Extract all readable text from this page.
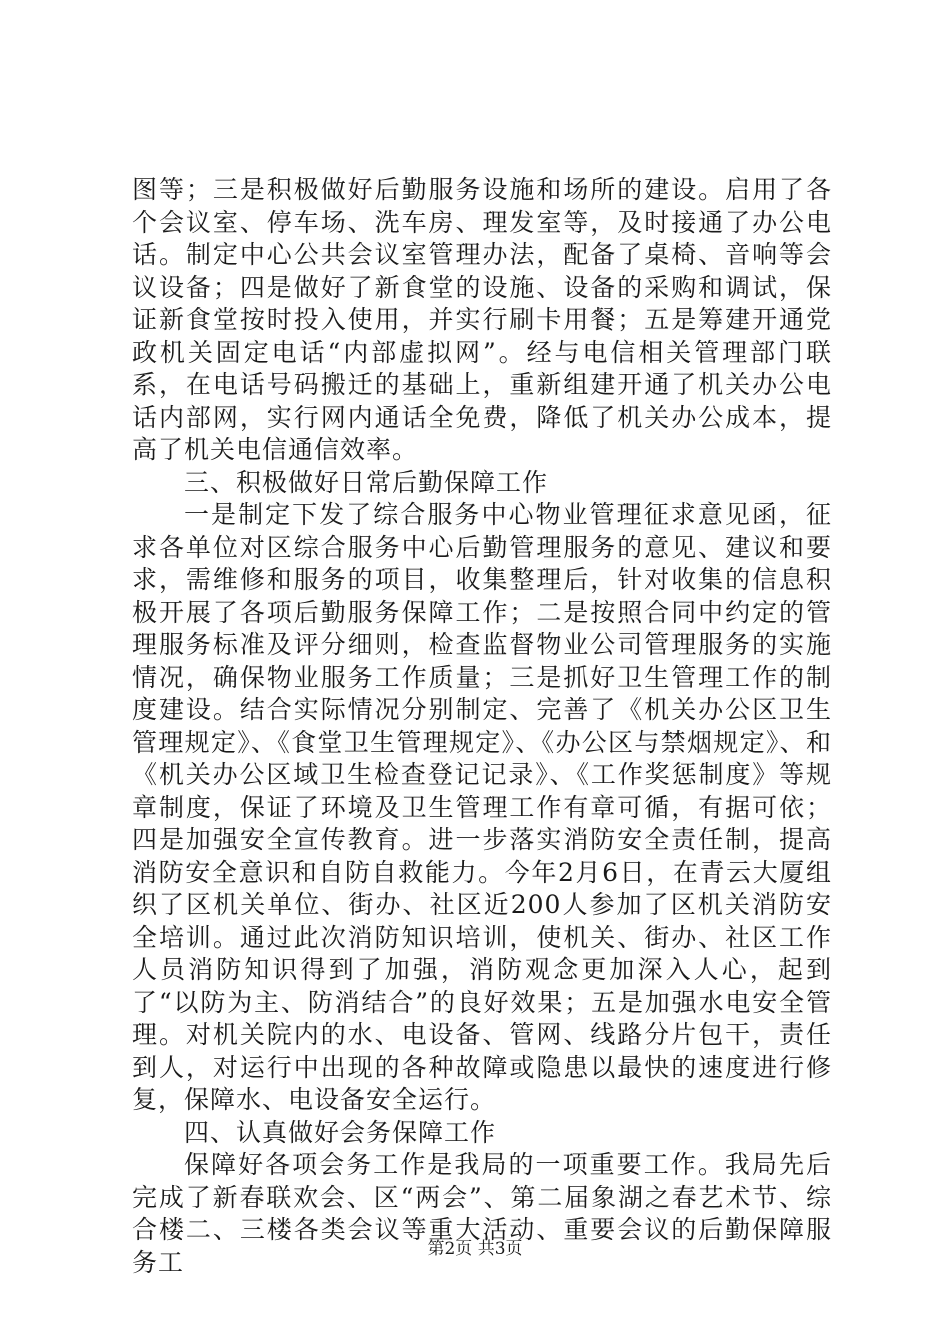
图等；三是积极做好后勤服务设施和场所的建设。启用了各个会议室、停车场、洗车房、理发室等，及时接通了办公电话。制定中心公共会议室管理办法，配备了桌椅、音响等会议设备；四是做好了新食堂的设施、设备的采购和调试，保证新食堂按时投入使用，并实行刷卡用餐；五是筹建开通党政机关固定电话“内部虚拟网”。经与电信相关管理部门联系，在电话号码搬迁的基础上，重新组建开通了机关办公电话内部网，实行网内通话全免费，降低了机关办公成本，提高了机关电信通信效率。

三、积极做好日常后勤保障工作

一是制定下发了综合服务中心物业管理征求意见函，征求各单位对区综合服务中心后勤管理服务的意见、建议和要求，需维修和服务的项目，收集整理后，针对收集的信息积极开展了各项后勤服务保障工作；二是按照合同中约定的管理服务标准及评分细则，检查监督物业公司管理服务的实施情况，确保物业服务工作质量；三是抓好卫生管理工作的制度建设。结合实际情况分别制定、完善了《机关办公区卫生管理规定》、《食堂卫生管理规定》、《办公区与禁烟规定》、和《机关办公区域卫生检查登记记录》、《工作奖惩制度》等规章制度，保证了环境及卫生管理工作有章可循，有据可依；四是加强安全宣传教育。进一步落实消防安全责任制，提高消防安全意识和自防自救能力。今年2月6日，在青云大厦组织了区机关单位、街办、社区近200人参加了区机关消防安全培训。通过此次消防知识培训，使机关、街办、社区工作人员消防知识得到了加强，消防观念更加深入人心，起到了“以防为主、防消结合”的良好效果；五是加强水电安全管理。对机关院内的水、电设备、管网、线路分片包干，责任到人，对运行中出现的各种故障或隐患以最快的速度进行修复，保障水、电设备安全运行。

四、认真做好会务保障工作

保障好各项会务工作是我局的一项重要工作。我局先后完成了新春联欢会、区“两会”、第二届象湖之春艺术节、综合楼二、三楼各类会议等重大活动、重要会议的后勤保障服务工	第2页 共3页
